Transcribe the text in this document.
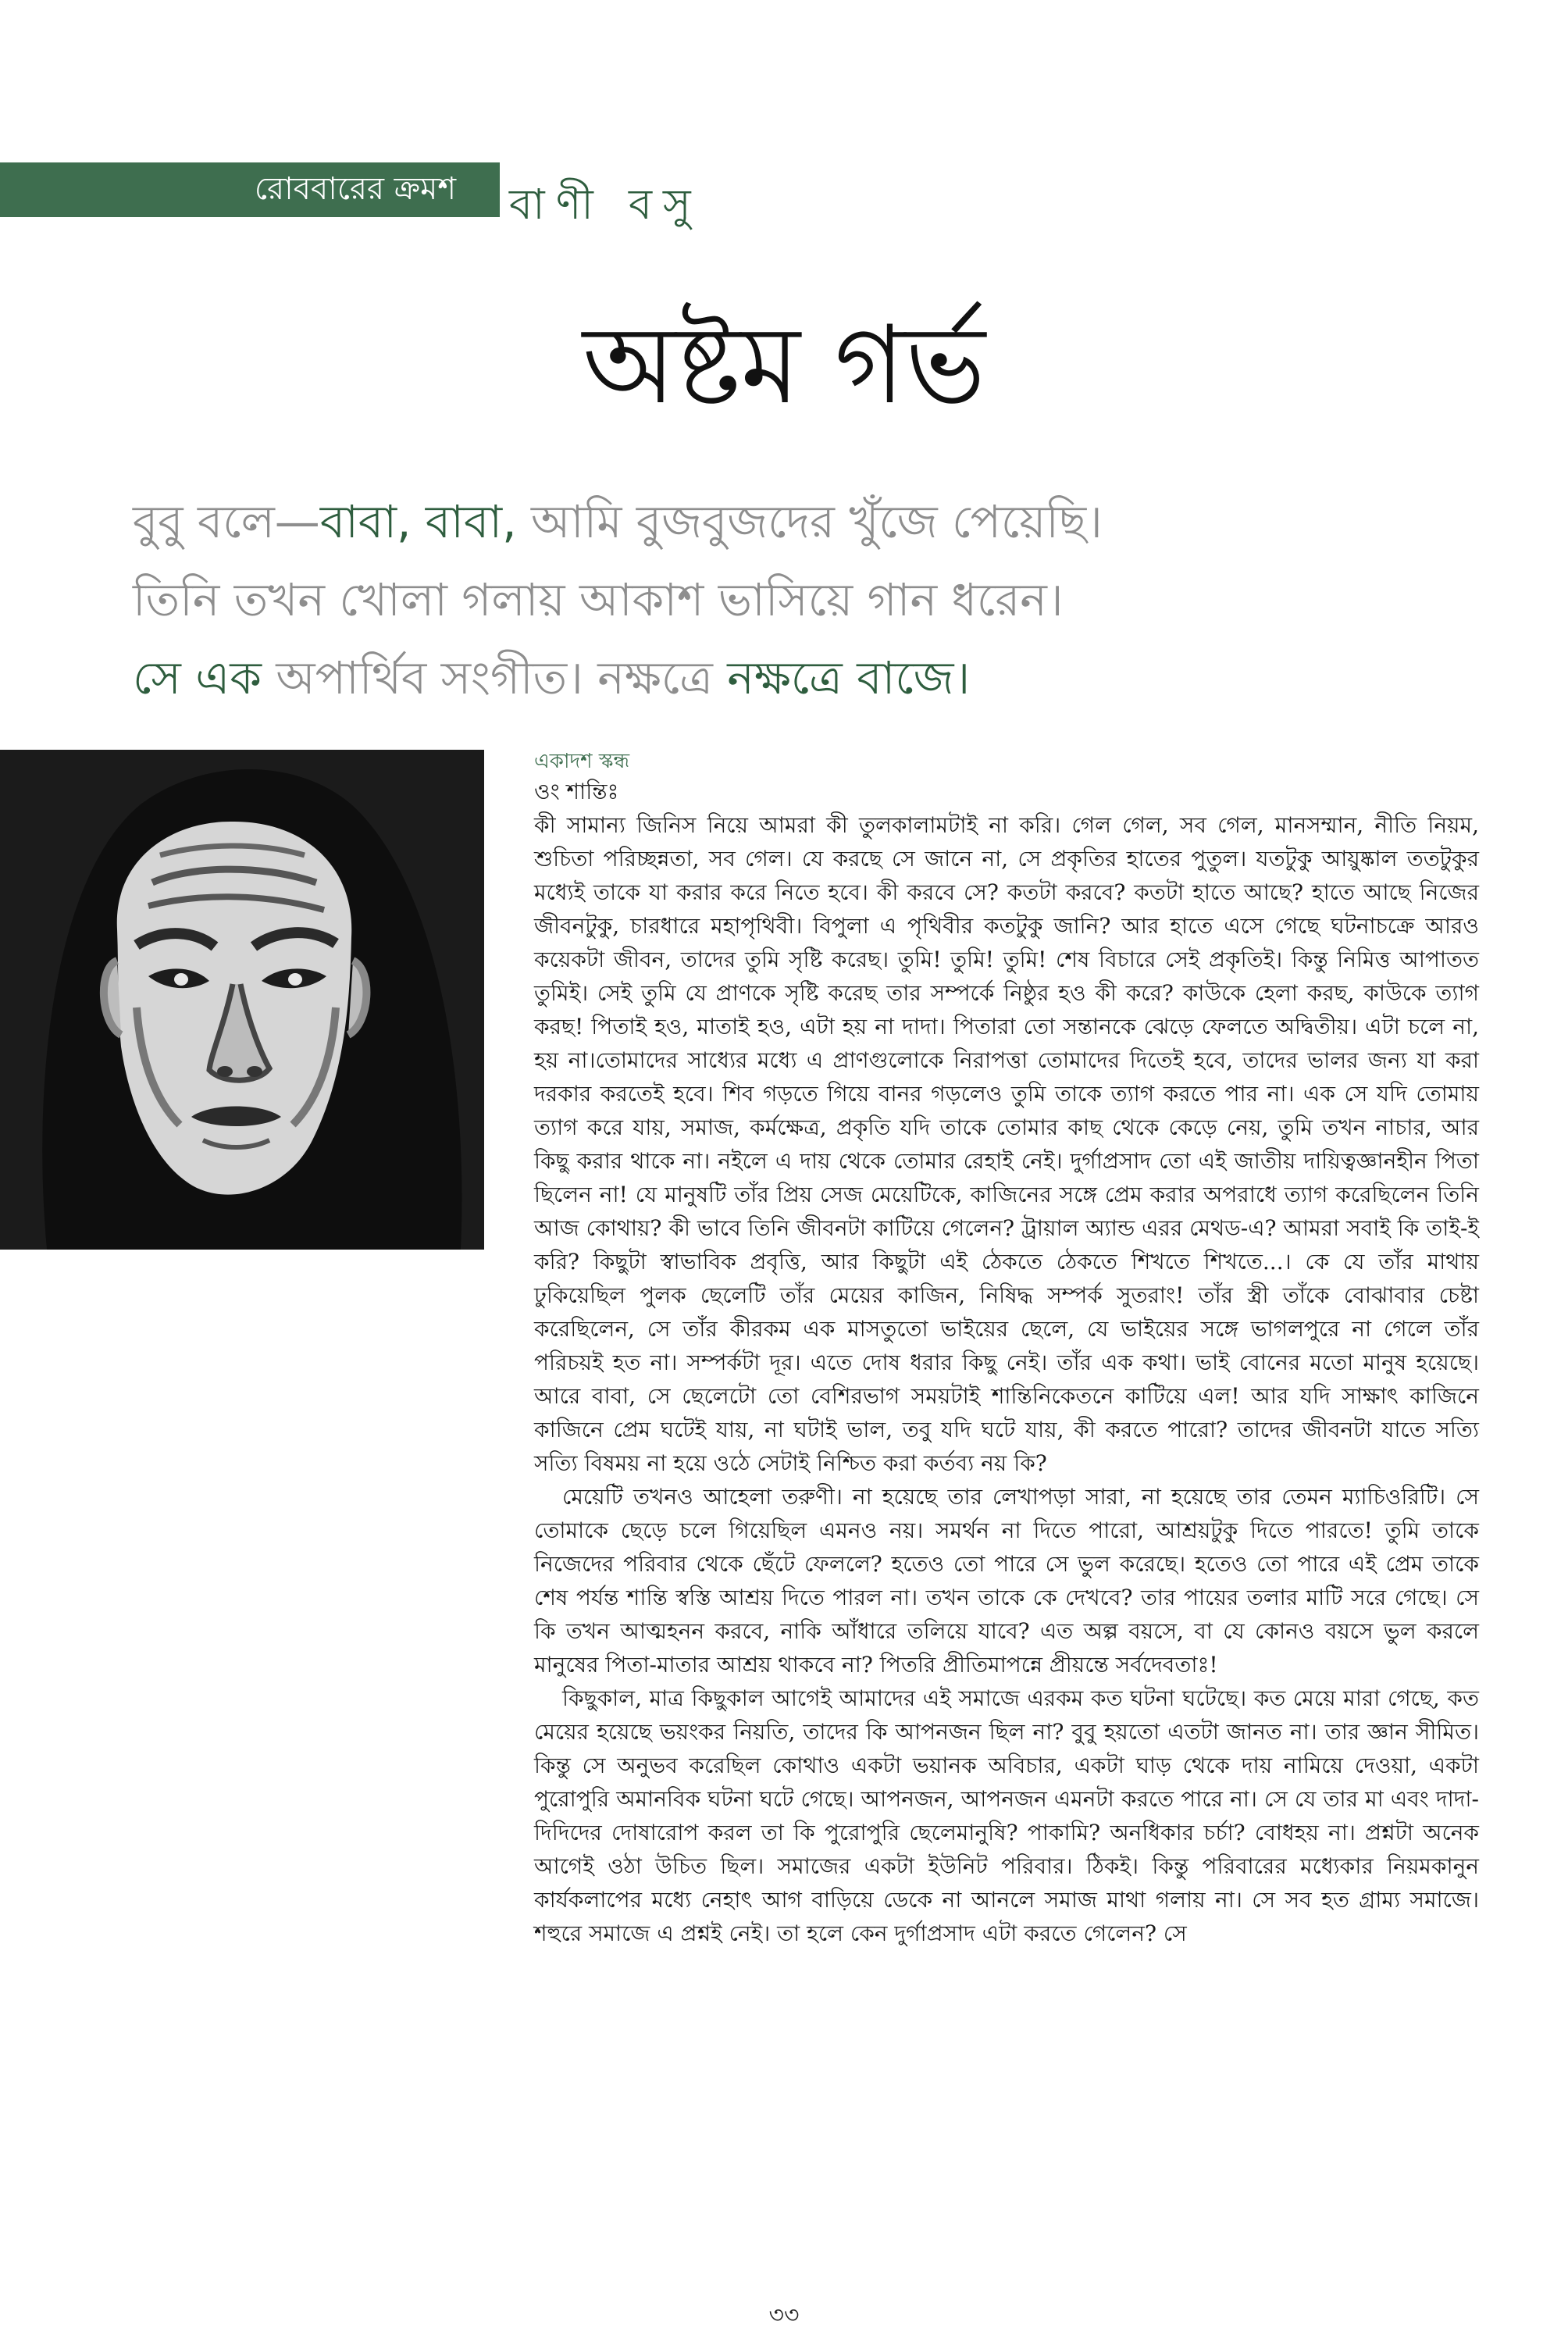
রোববারের ক্রমশ বাণী বসু
অষ্টম গর্ভ
বুবু বলে—বাবা, বাবা, আমি বুজবুজদের খুঁজে পেয়েছি।
তিনি তখন খোলা গলায় আকাশ ভাসিয়ে গান ধরেন।
সে এক অপার্থিব সংগীত। নক্ষত্রে নক্ষত্রে বাজে।
একাদশ স্কন্ধ

ওং শান্তিঃ

কী সামান্য জিনিস নিয়ে আমরা কী তুলকালামটাই না করি। গেল গেল, সব গেল, মানসম্মান, নীতি নিয়ম, শুচিতা পরিচ্ছন্নতা, সব গেল। যে করছে সে জানে না, সে প্রকৃতির হাতের পুতুল। যতটুকু আয়ুষ্কাল ততটুকুর মধ্যেই তাকে যা করার করে নিতে হবে। কী করবে সে? কতটা করবে? কতটা হাতে আছে? হাতে আছে নিজের জীবনটুকু, চারধারে মহাপৃথিবী। বিপুলা এ পৃথিবীর কতটুকু জানি? আর হাতে এসে গেছে ঘটনাচক্রে আরও কয়েকটা জীবন, তাদের তুমি সৃষ্টি করেছ। তুমি! তুমি! তুমি! শেষ বিচারে সেই প্রকৃতিই। কিন্তু নিমিত্ত আপাতত তুমিই। সেই তুমি যে প্রাণকে সৃষ্টি করেছ তার সম্পর্কে নিষ্ঠুর হও কী করে? কাউকে হেলা করছ, কাউকে ত্যাগ করছ! পিতাই হও, মাতাই হও, এটা হয় না দাদা। পিতারা তো সন্তানকে ঝেড়ে ফেলতে অদ্বিতীয়। এটা চলে না, হয় না।তোমাদের সাধ্যের মধ্যে এ প্রাণগুলোকে নিরাপত্তা তোমাদের দিতেই হবে, তাদের ভালর জন্য যা করা দরকার করতেই হবে। শিব গড়তে গিয়ে বানর গড়লেও তুমি তাকে ত্যাগ করতে পার না। এক সে যদি তোমায় ত্যাগ করে যায়, সমাজ, কর্মক্ষেত্র, প্রকৃতি যদি তাকে তোমার কাছ থেকে কেড়ে নেয়, তুমি তখন নাচার, আর কিছু করার থাকে না। নইলে এ দায় থেকে তোমার রেহাই নেই। দুর্গাপ্রসাদ তো এই জাতীয় দায়িত্বজ্ঞানহীন পিতা ছিলেন না! যে মানুষটি তাঁর প্রিয় সেজ মেয়েটিকে, কাজিনের সঙ্গে প্রেম করার অপরাধে ত্যাগ করেছিলেন তিনি আজ কোথায়? কী ভাবে তিনি জীবনটা কাটিয়ে গেলেন? ট্রায়াল অ্যান্ড এরর মেথড-এ? আমরা সবাই কি তাই-ই করি? কিছুটা স্বাভাবিক প্রবৃত্তি, আর কিছুটা এই ঠেকতে ঠেকতে শিখতে শিখতে...। কে যে তাঁর মাথায় ঢুকিয়েছিল পুলক ছেলেটি তাঁর মেয়ের কাজিন, নিষিদ্ধ সম্পর্ক সুতরাং! তাঁর স্ত্রী তাঁকে বোঝাবার চেষ্টা করেছিলেন, সে তাঁর কীরকম এক মাসতুতো ভাইয়ের ছেলে, যে ভাইয়ের সঙ্গে ভাগলপুরে না গেলে তাঁর পরিচয়ই হত না। সম্পর্কটা দূর। এতে দোষ ধরার কিছু নেই। তাঁর এক কথা। ভাই বোনের মতো মানুষ হয়েছে। আরে বাবা, সে ছেলেটো তো বেশিরভাগ সময়টাই শান্তিনিকেতনে কাটিয়ে এল! আর যদি সাক্ষাৎ কাজিনে কাজিনে প্রেম ঘটেই যায়, না ঘটাই ভাল, তবু যদি ঘটে যায়, কী করতে পারো? তাদের জীবনটা যাতে সত্যি সত্যি বিষময় না হয়ে ওঠে সেটাই নিশ্চিত করা কর্তব্য নয় কি?

মেয়েটি তখনও আহেলা তরুণী। না হয়েছে তার লেখাপড়া সারা, না হয়েছে তার তেমন ম্যাচিওরিটি। সে তোমাকে ছেড়ে চলে গিয়েছিল এমনও নয়। সমর্থন না দিতে পারো, আশ্রয়টুকু দিতে পারতে! তুমি তাকে নিজেদের পরিবার থেকে ছেঁটে ফেললে? হতেও তো পারে সে ভুল করেছে। হতেও তো পারে এই প্রেম তাকে শেষ পর্যন্ত শান্তি স্বস্তি আশ্রয় দিতে পারল না। তখন তাকে কে দেখবে? তার পায়ের তলার মাটি সরে গেছে। সে কি তখন আত্মহনন করবে, নাকি আঁধারে তলিয়ে যাবে? এত অল্প বয়সে, বা যে কোনও বয়সে ভুল করলে মানুষের পিতা-মাতার আশ্রয় থাকবে না? পিতরি প্রীতিমাপন্নে প্রীয়ন্তে সর্বদেবতাঃ!

কিছুকাল, মাত্র কিছুকাল আগেই আমাদের এই সমাজে এরকম কত ঘটনা ঘটেছে। কত মেয়ে মারা গেছে, কত মেয়ের হয়েছে ভয়ংকর নিয়তি, তাদের কি আপনজন ছিল না? বুবু হয়তো এতটা জানত না। তার জ্ঞান সীমিত। কিন্তু সে অনুভব করেছিল কোথাও একটা ভয়ানক অবিচার, একটা ঘাড় থেকে দায় নামিয়ে দেওয়া, একটা পুরোপুরি অমানবিক ঘটনা ঘটে গেছে। আপনজন, আপনজন এমনটা করতে পারে না। সে যে তার মা এবং দাদা-দিদিদের দোষারোপ করল তা কি পুরোপুরি ছেলেমানুষি? পাকামি? অনধিকার চর্চা? বোধহয় না। প্রশ্নটা অনেক আগেই ওঠা উচিত ছিল। সমাজের একটা ইউনিট পরিবার। ঠিকই। কিন্তু পরিবারের মধ্যেকার নিয়মকানুন কার্যকলাপের মধ্যে নেহাৎ আগ বাড়িয়ে ডেকে না আনলে সমাজ মাথা গলায় না। সে সব হত গ্রাম্য সমাজে। শহুরে সমাজে এ প্রশ্নই নেই। তা হলে কেন দুর্গাপ্রসাদ এটা করতে গেলেন? সে

৩৩
